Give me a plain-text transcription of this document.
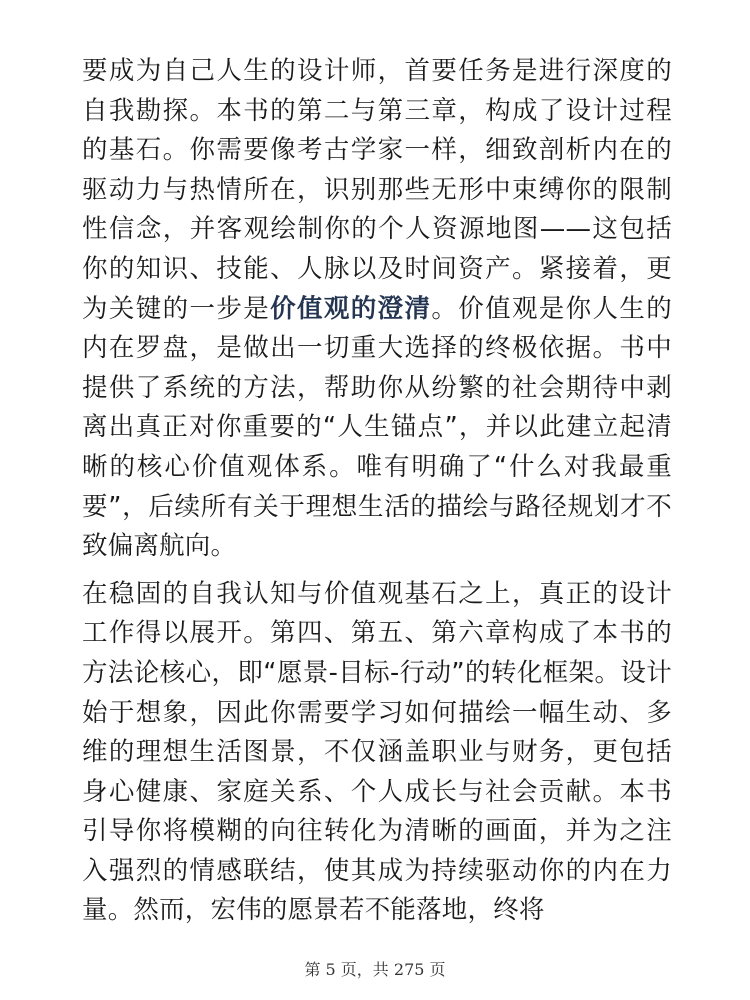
要成为自己人生的设计师，首要任务是进行深度的自我勘探。本书的第二与第三章，构成了设计过程的基石。你需要像考古学家一样，细致剖析内在的驱动力与热情所在，识别那些无形中束缚你的限制性信念，并客观绘制你的个人资源地图——这包括你的知识、技能、人脉以及时间资产。紧接着，更为关键的一步是价值观的澄清。价值观是你人生的内在罗盘，是做出一切重大选择的终极依据。书中提供了系统的方法，帮助你从纷繁的社会期待中剥离出真正对你重要的“人生锚点”，并以此建立起清晰的核心价值观体系。唯有明确了“什么对我最重要”，后续所有关于理想生活的描绘与路径规划才不致偏离航向。

在稳固的自我认知与价值观基石之上，真正的设计工作得以展开。第四、第五、第六章构成了本书的方法论核心，即“愿景-目标-行动”的转化框架。设计始于想象，因此你需要学习如何描绘一幅生动、多维的理想生活图景，不仅涵盖职业与财务，更包括身心健康、家庭关系、个人成长与社会贡献。本书引导你将模糊的向往转化为清晰的画面，并为之注入强烈的情感联结，使其成为持续驱动你的内在力量。然而，宏伟的愿景若不能落地，终将

第 5 页，共 275 页
